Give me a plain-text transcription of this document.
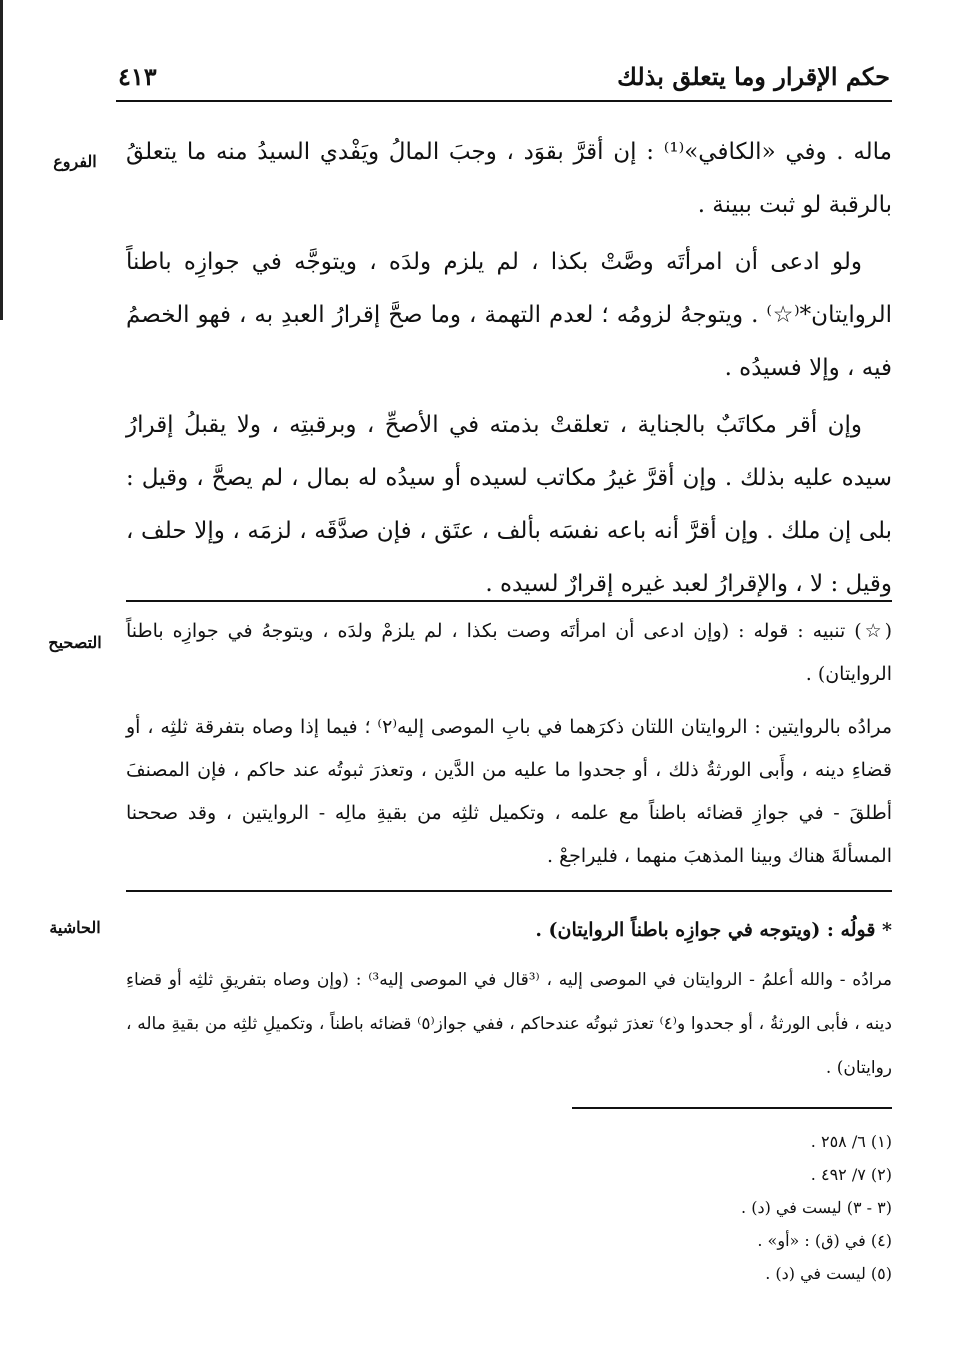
حكم الإقرار وما يتعلق بذلك
٤١٣
الفروع	ماله . وفي «الكافي»⁽¹⁾ : إن أقرَّ بقوَد ، وجبَ المالُ ويَفْدي السيدُ منه ما يتعلقُ بالرقبة لو ثبت ببينة .

ولو ادعى أن امرأتَه وصَّتْ بكذا ، لم يلزم ولدَه ، ويتوجَّه في جوازِه باطناً الروايتان*⁽☆⁾ . ويتوجهُ لزومُه ؛ لعدم التهمة ، وما صحَّ إقرارُ العبدِ به ، فهو الخصمُ فيه ، وإلا فسيدُه .

وإن أقر مكاتَبٌ بالجناية ، تعلقتْ بذمته في الأصحِّ ، وبرقبتِه ، ولا يقبلُ إقرارُ سيده عليه بذلك . وإن أقرَّ غيرُ مكاتب لسيده أو سيدُه له بمال ، لم يصحَّ ، وقيل : بلى إن ملك . وإن أقرَّ أنه باعه نفسَه بألف ، عتَق ، فإن صدَّقَه ، لزمَه ، وإلا حلف ، وقيل : لا ، والإقرارُ لعبد غيره إقرارٌ لسيده .

التصحيح

(☆) تنبيه : قوله : (وإن ادعى أن امرأتَه وصت بكذا ، لم يلزمْ ولدَه ، ويتوجهُ في جوازِه باطناً الروايتان) .

مرادُه بالروايتين : الروايتان اللتان ذكرَهما في بابِ الموصى إليه⁽٢⁾ ؛ فيما إذا وصاه بتفرقة ثلثِه ، أو قضاءِ دينه ، وأَبى الورثةُ ذلك ، أو جحدوا ما عليه من الدَّين ، وتعذرَ ثبوتُه عند حاكم ، فإن المصنفَ أطلقَ - في جوازِ قضائه باطناً مع علمه ، وتكميل ثلثِه من بقيةِ مالِه - الروايتين ، وقد صححنا المسألةَ هناك وبينا المذهبَ منهما ، فليراجعْ .

الحاشية	* قولُه : (ويتوجه في جوازِه باطناً الروايتان) .

مرادُه - والله أعلمُ - الروايتان في الموصى إليه ، ⁽³قال في الموصى إليه³⁾ : (وإن وصاه بتفريقِ ثلثِه أو قضاءِ دينه ، فأبى الورثةُ ، أو جحدوا و⁽٤⁾ تعذرَ ثبوتُه عندحاكم ، ففي جواز⁽٥⁾ قضائه باطناً ، وتكميلِ ثلثِه من بقيةِ ماله ، روايتان) .

(١) ٦/ ٢٥٨ .
(٢) ٧/ ٤٩٢ .
(٣ - ٣) ليست في (د) .
(٤) في (ق) : «أو» .
(٥) ليست في (د) .
